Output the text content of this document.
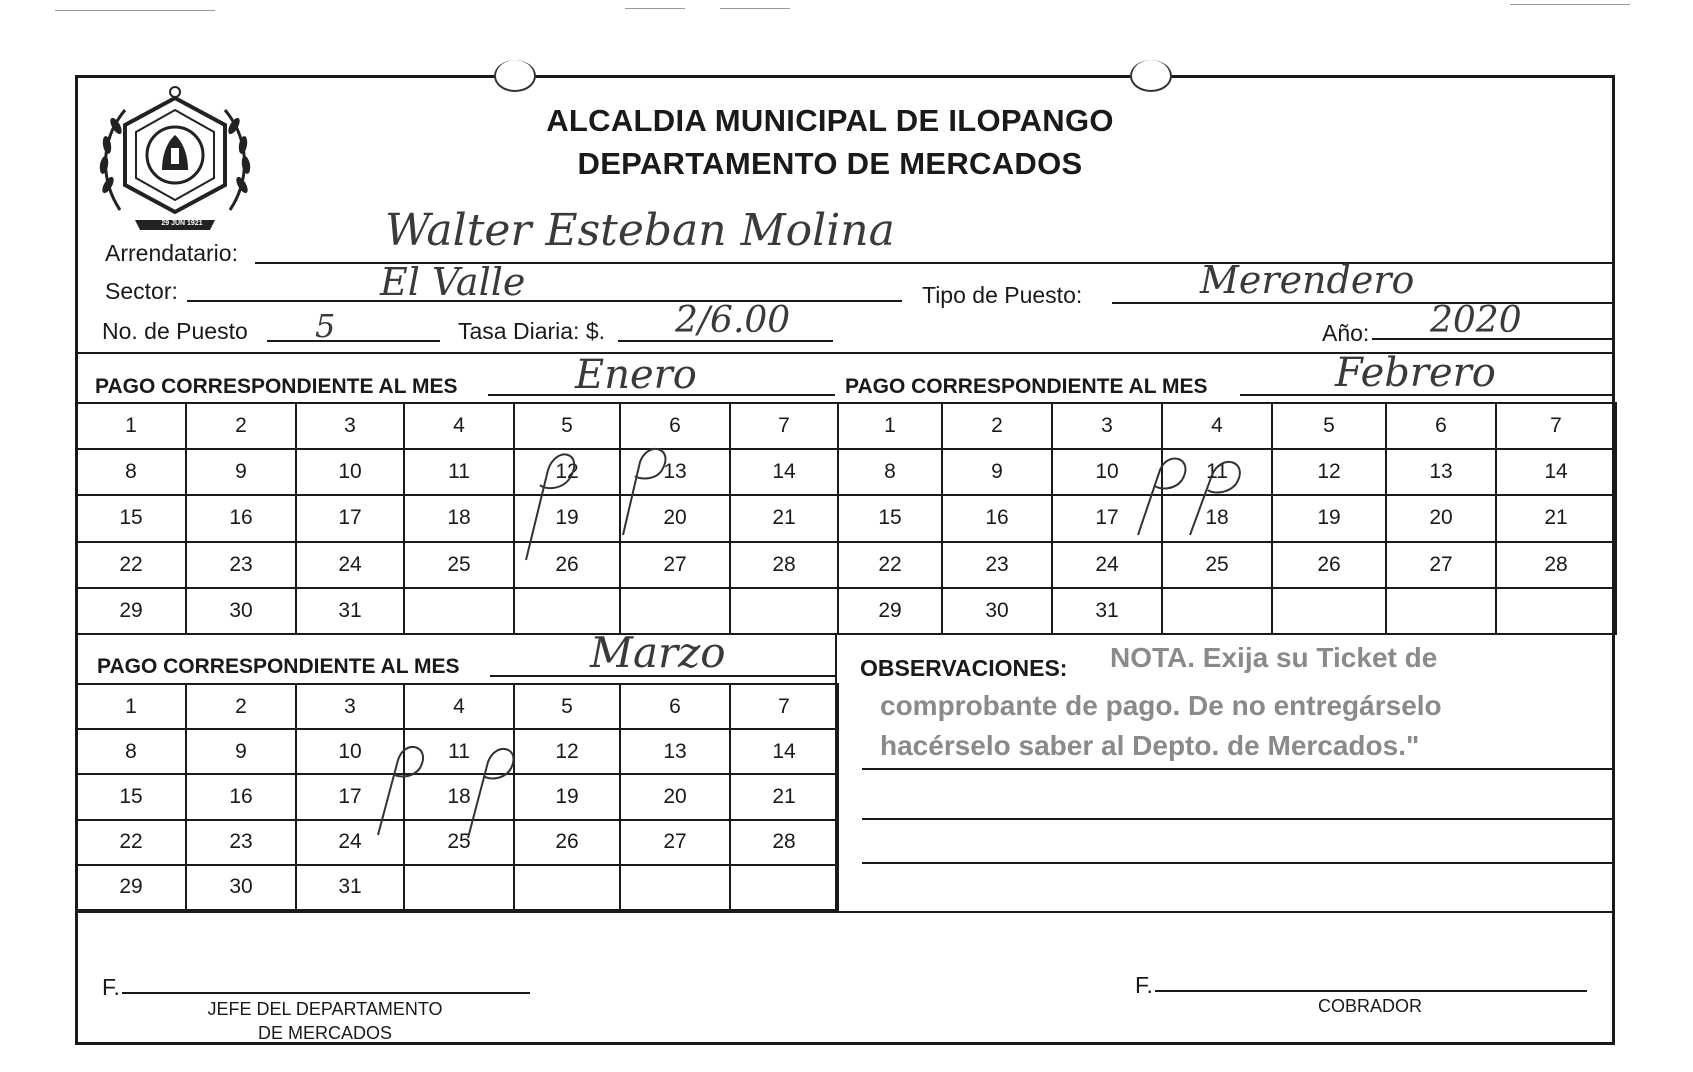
29 JUN 1921
ALCALDIA MUNICIPAL DE ILOPANGO
DEPARTAMENTO DE MERCADOS
Arrendatario:	Walter Esteban Molina
Sector:	El Valle	Tipo de Puesto:	Merendero
No. de Puesto 5	Tasa Diaria: $. 2/6.00	Año: 2020
PAGO CORRESPONDIENTE AL MES	Enero	PAGO CORRESPONDIENTE AL MES	Febrero
1	2	3	4	5	6	7
8	9	10	11	12	13	14
15	16	17	18	19	20	21
22	23	24	25	26	27	28
29	30	31				
1	2	3	4	5	6	7
8	9	10	11	12	13	14
15	16	17	18	19	20	21
22	23	24	25	26	27	28
29	30	31				
PAGO CORRESPONDIENTE AL MES	Marzo
1	2	3	4	5	6	7
8	9	10	11	12	13	14
15	16	17	18	19	20	21
22	23	24	25	26	27	28
29	30	31				
OBSERVACIONES: NOTA. Exija su Ticket de
comprobante de pago. De no entregárselo
hacérselo saber al Depto. de Mercados."
F.
JEFE DEL DEPARTAMENTO
DE MERCADOS
F.
COBRADOR
